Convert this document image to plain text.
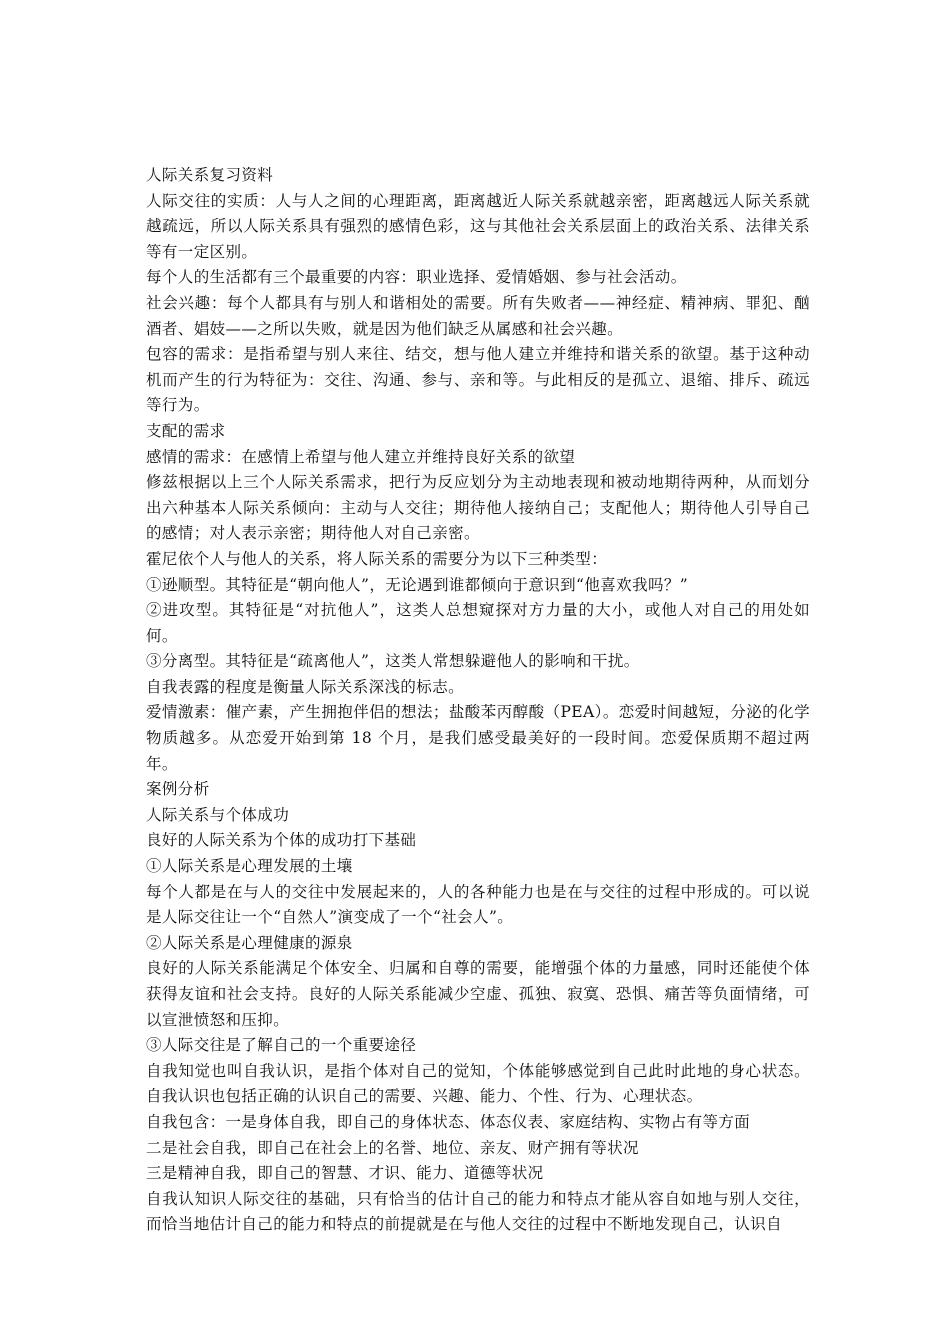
人际关系复习资料

人际交往的实质：人与人之间的心理距离，距离越近人际关系就越亲密，距离越远人际关系就越疏远，所以人际关系具有强烈的感情色彩，这与其他社会关系层面上的政治关系、法律关系等有一定区别。

每个人的生活都有三个最重要的内容：职业选择、爱情婚姻、参与社会活动。

社会兴趣：每个人都具有与别人和谐相处的需要。所有失败者——神经症、精神病、罪犯、酗酒者、娼妓——之所以失败，就是因为他们缺乏从属感和社会兴趣。

包容的需求：是指希望与别人来往、结交，想与他人建立并维持和谐关系的欲望。基于这种动机而产生的行为特征为：交往、沟通、参与、亲和等。与此相反的是孤立、退缩、排斥、疏远等行为。

支配的需求

感情的需求：在感情上希望与他人建立并维持良好关系的欲望

修兹根据以上三个人际关系需求，把行为反应划分为主动地表现和被动地期待两种，从而划分出六种基本人际关系倾向：主动与人交往；期待他人接纳自己；支配他人；期待他人引导自己的感情；对人表示亲密；期待他人对自己亲密。

霍尼依个人与他人的关系，将人际关系的需要分为以下三种类型：

①逊顺型。其特征是“朝向他人”，无论遇到谁都倾向于意识到“他喜欢我吗？”

②进攻型。其特征是“对抗他人”，这类人总想窥探对方力量的大小，或他人对自己的用处如何。

③分离型。其特征是“疏离他人”，这类人常想躲避他人的影响和干扰。

自我表露的程度是衡量人际关系深浅的标志。

爱情激素：催产素，产生拥抱伴侣的想法；盐酸苯丙醇酸（PEA）。恋爱时间越短，分泌的化学物质越多。从恋爱开始到第 18 个月，是我们感受最美好的一段时间。恋爱保质期不超过两年。

案例分析

人际关系与个体成功

良好的人际关系为个体的成功打下基础

①人际关系是心理发展的土壤

每个人都是在与人的交往中发展起来的，人的各种能力也是在与交往的过程中形成的。可以说是人际交往让一个“自然人”演变成了一个“社会人”。

②人际关系是心理健康的源泉

良好的人际关系能满足个体安全、归属和自尊的需要，能增强个体的力量感，同时还能使个体获得友谊和社会支持。良好的人际关系能减少空虚、孤独、寂寞、恐惧、痛苦等负面情绪，可以宣泄愤怒和压抑。

③人际交往是了解自己的一个重要途径

自我知觉也叫自我认识，是指个体对自己的觉知，个体能够感觉到自己此时此地的身心状态。自我认识也包括正确的认识自己的需要、兴趣、能力、个性、行为、心理状态。

自我包含：一是身体自我，即自己的身体状态、体态仪表、家庭结构、实物占有等方面

二是社会自我，即自己在社会上的名誉、地位、亲友、财产拥有等状况

三是精神自我，即自己的智慧、才识、能力、道德等状况

自我认知识人际交往的基础，只有恰当的估计自己的能力和特点才能从容自如地与别人交往，而恰当地估计自己的能力和特点的前提就是在与他人交往的过程中不断地发现自己，认识自
